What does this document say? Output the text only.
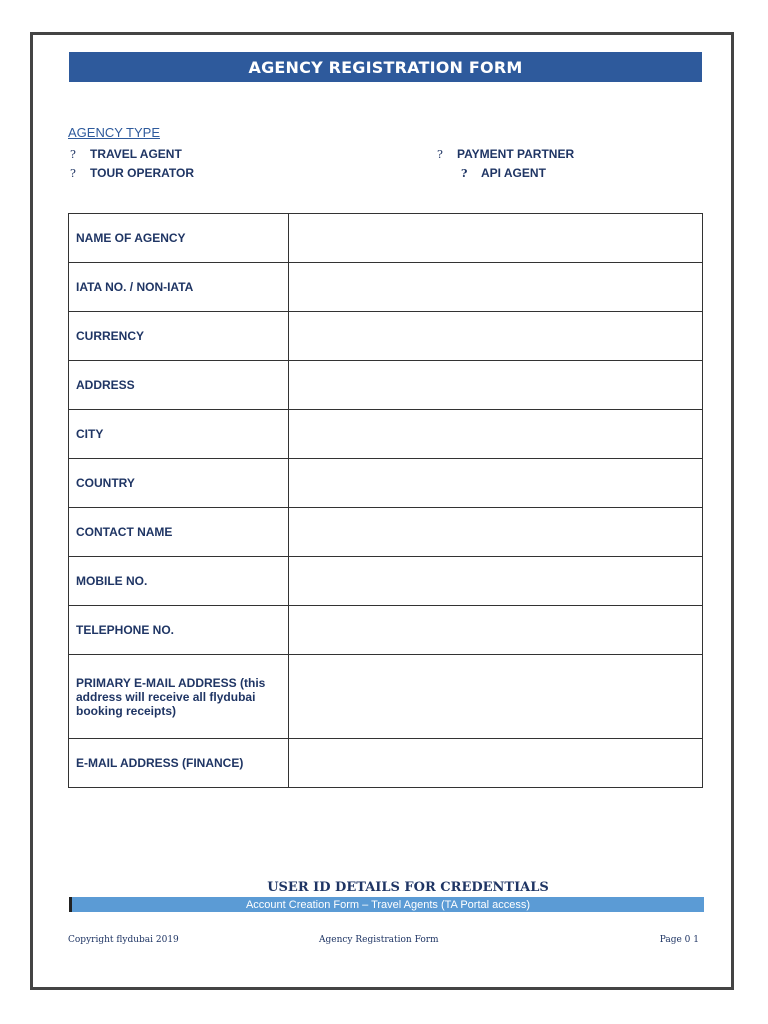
AGENCY REGISTRATION FORM
AGENCY TYPE
?	TRAVEL AGENT
?	TOUR OPERATOR
?	PAYMENT PARTNER
?	API AGENT
NAME OF AGENCY	
IATA NO. / NON-IATA	
CURRENCY	
ADDRESS	
CITY	
COUNTRY	
CONTACT NAME	
MOBILE NO.	
TELEPHONE NO.	
PRIMARY E-MAIL ADDRESS (this address will receive all flydubai booking receipts)	
E-MAIL ADDRESS (FINANCE)	
USER ID DETAILS FOR CREDENTIALS
Account Creation Form – Travel Agents (TA Portal access)
Copyright flydubai 2019	Agency Registration Form	Page 0 1
